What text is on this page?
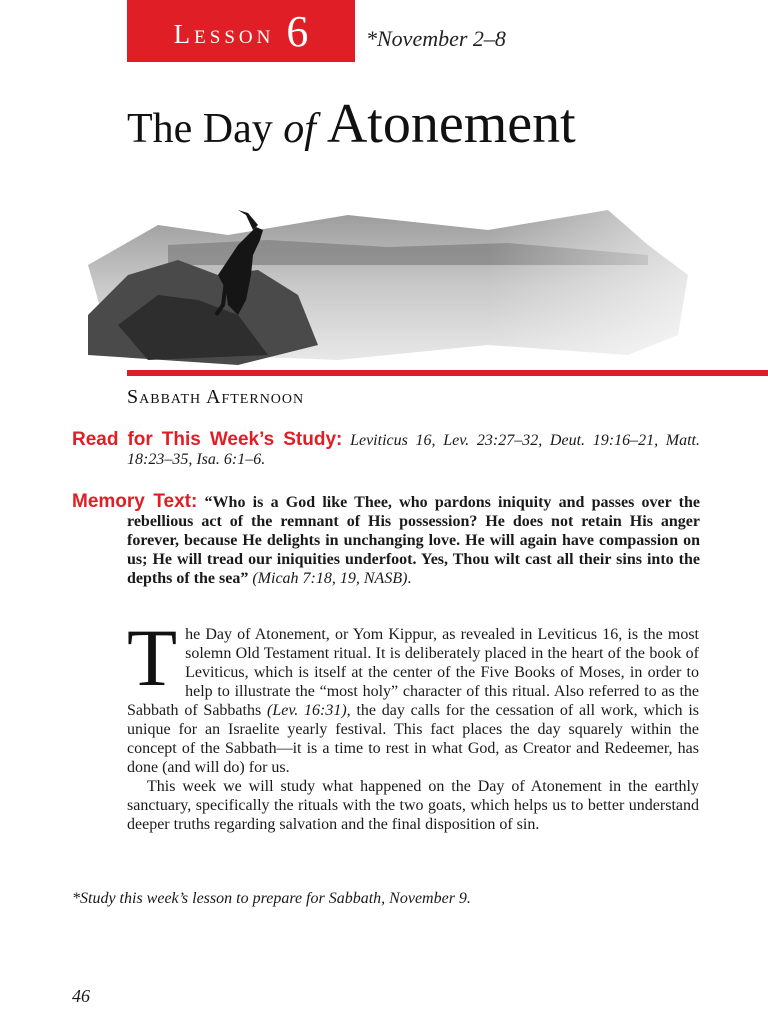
Lesson 6	*November 2–8
The Day of Atonement
Sabbath Afternoon
Read for This Week’s Study: Leviticus 16, Lev. 23:27–32, Deut. 19:16–21, Matt. 18:23–35, Isa. 6:1–6.
Memory Text: “Who is a God like Thee, who pardons iniquity and passes over the rebellious act of the remnant of His possession? He does not retain His anger forever, because He delights in unchanging love. He will again have compassion on us; He will tread our iniquities underfoot. Yes, Thou wilt cast all their sins into the depths of the sea” (Micah 7:18, 19, NASB).

The Day of Atonement, or Yom Kippur, as revealed in Leviticus 16, is the most solemn Old Testament ritual. It is deliberately placed in the heart of the book of Leviticus, which is itself at the center of the Five Books of Moses, in order to help to illustrate the “most holy” character of this ritual. Also referred to as the Sabbath of Sabbaths (Lev. 16:31), the day calls for the cessation of all work, which is unique for an Israelite yearly festival. This fact places the day squarely within the concept of the Sabbath—it is a time to rest in what God, as Creator and Redeemer, has done (and will do) for us.

This week we will study what happened on the Day of Atonement in the earthly sanctuary, specifically the rituals with the two goats, which helps us to better understand deeper truths regarding salvation and the final disposition of sin.

*Study this week’s lesson to prepare for Sabbath, November 9.
46
